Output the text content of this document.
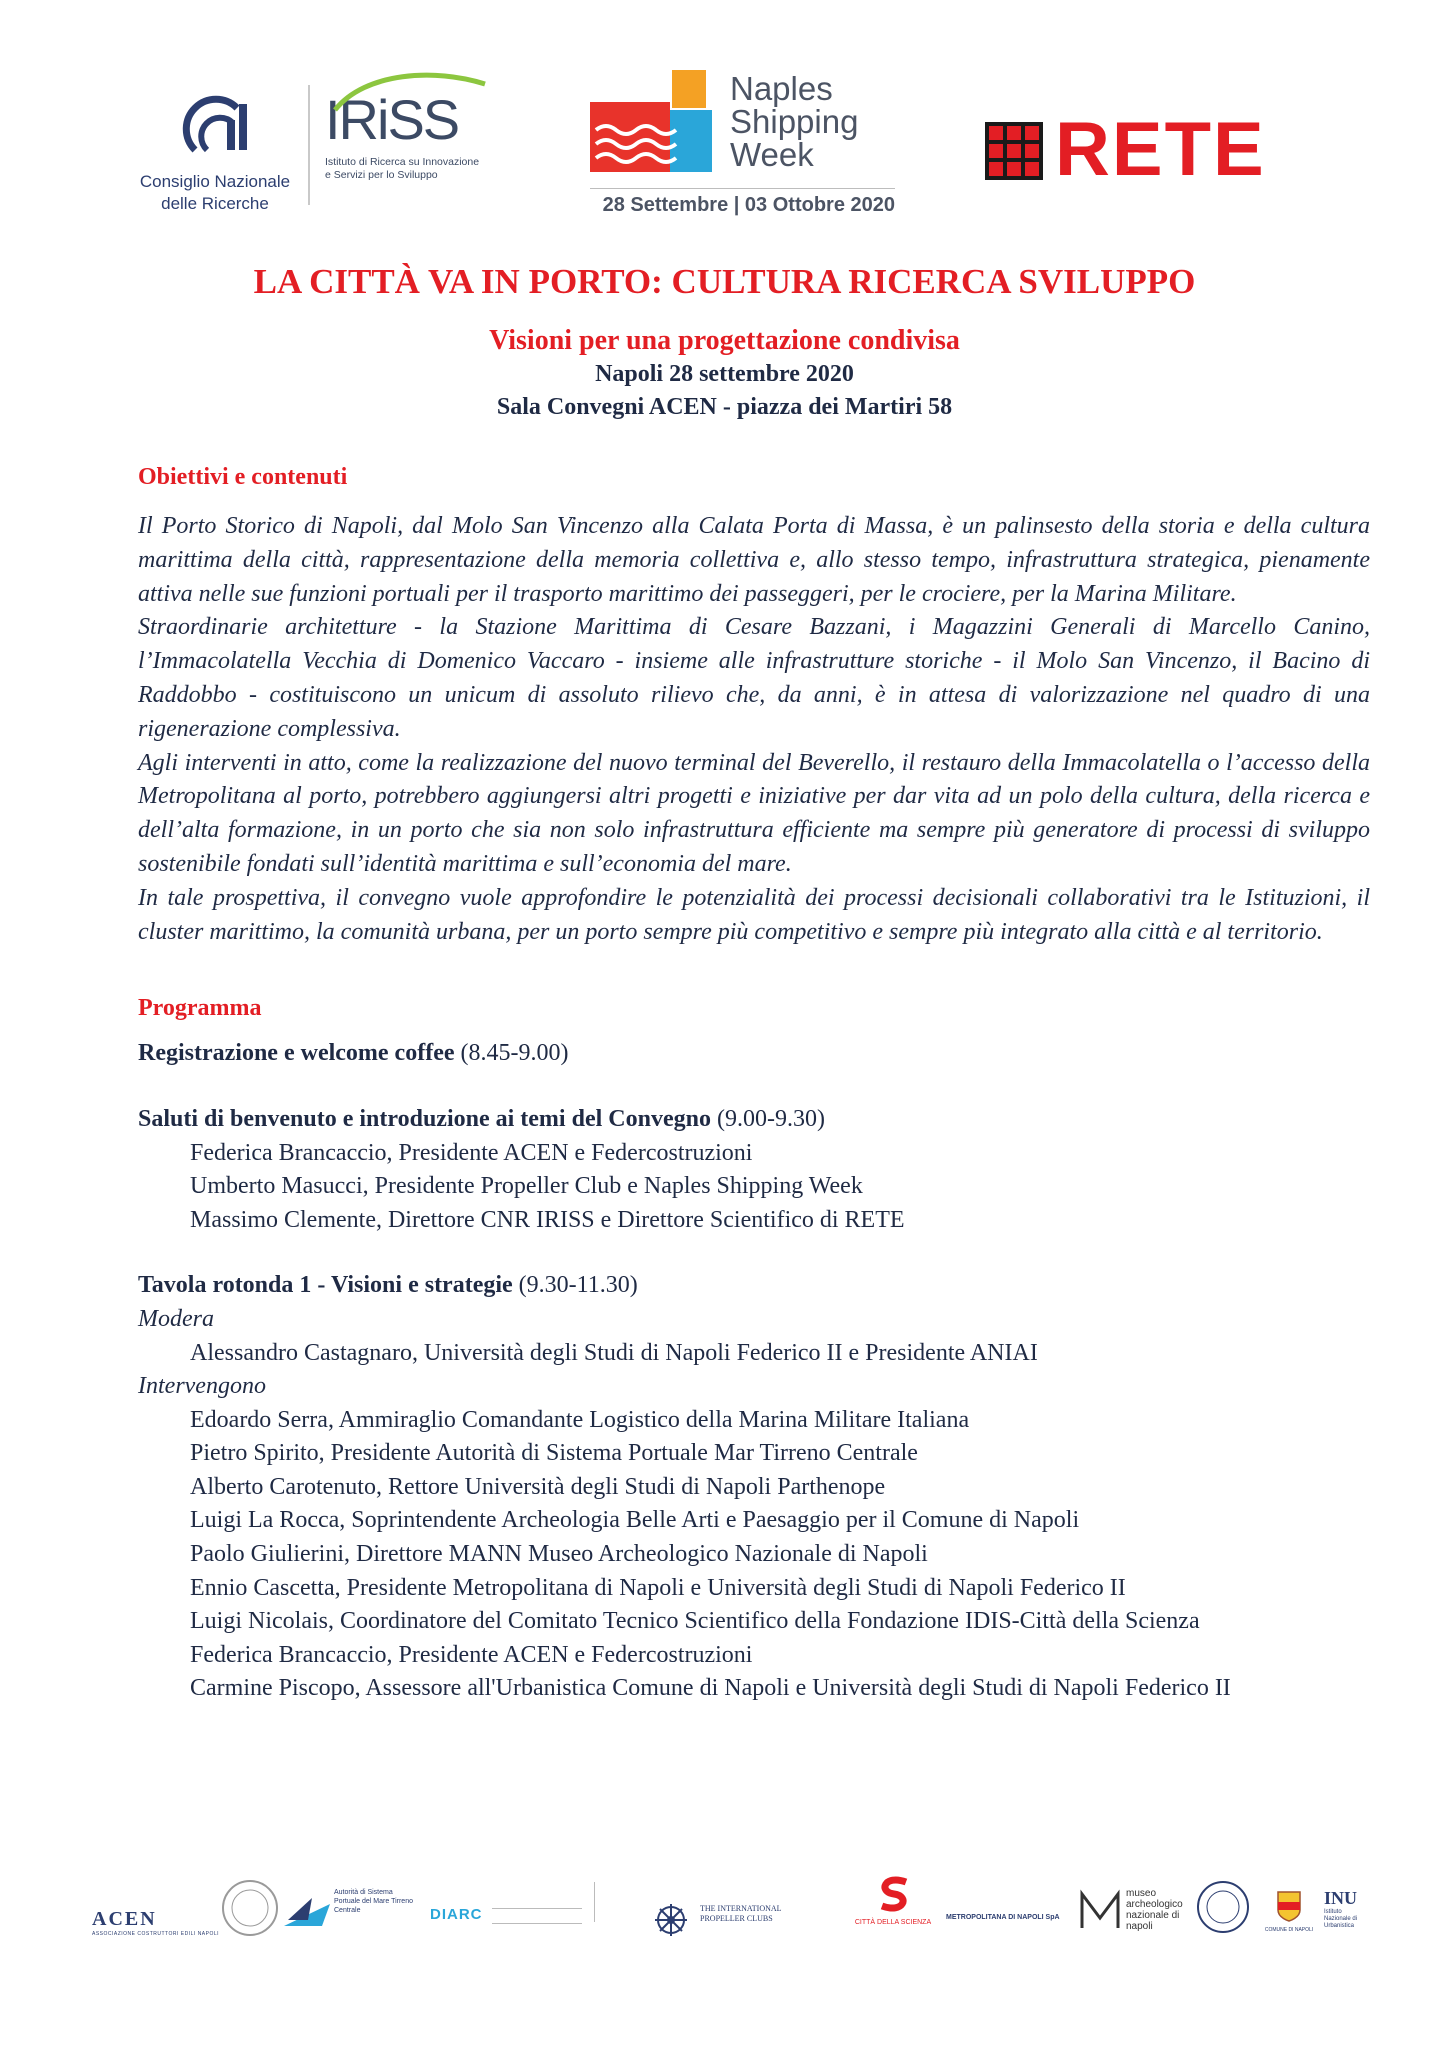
Consiglio Nazionale
delle Ricerche
IRiSS
Istituto di Ricerca su Innovazione
e Servizi per lo Sviluppo
Naples
Shipping
Week
28 Settembre | 03 Ottobre 2020
RETE
LA CITTÀ VA IN PORTO: CULTURA RICERCA SVILUPPO
Visioni per una progettazione condivisa
Napoli 28 settembre 2020
Sala Convegni ACEN - piazza dei Martiri 58
Obiettivi e contenuti

Il Porto Storico di Napoli, dal Molo San Vincenzo alla Calata Porta di Massa, è un palinsesto della storia e della cultura marittima della città, rappresentazione della memoria collettiva e, allo stesso tempo, infrastruttura strategica, pienamente attiva nelle sue funzioni portuali per il trasporto marittimo dei passeggeri, per le crociere, per la Marina Militare.

Straordinarie architetture - la Stazione Marittima di Cesare Bazzani, i Magazzini Generali di Marcello Canino, l’Immacolatella Vecchia di Domenico Vaccaro - insieme alle infrastrutture storiche - il Molo San Vincenzo, il Bacino di Raddobbo - costituiscono un unicum di assoluto rilievo che, da anni, è in attesa di valorizzazione nel quadro di una rigenerazione complessiva.

Agli interventi in atto, come la realizzazione del nuovo terminal del Beverello, il restauro della Immacolatella o l’accesso della Metropolitana al porto, potrebbero aggiungersi altri progetti e iniziative per dar vita ad un polo della cultura, della ricerca e dell’alta formazione, in un porto che sia non solo infrastruttura efficiente ma sempre più generatore di processi di sviluppo sostenibile fondati sull’identità marittima e sull’economia del mare.

In tale prospettiva, il convegno vuole approfondire le potenzialità dei processi decisionali collaborativi tra le Istituzioni, il cluster marittimo, la comunità urbana, per un porto sempre più competitivo e sempre più integrato alla città e al territorio.

Programma
Registrazione e welcome coffee (8.45-9.00)
Saluti di benvenuto e introduzione ai temi del Convegno (9.00-9.30)
Federica Brancaccio, Presidente ACEN e Federcostruzioni
Umberto Masucci, Presidente Propeller Club e Naples Shipping Week
Massimo Clemente, Direttore CNR IRISS e Direttore Scientifico di RETE
Tavola rotonda 1 - Visioni e strategie (9.30-11.30)
Modera
Alessandro Castagnaro, Università degli Studi di Napoli Federico II e Presidente ANIAI
Intervengono
Edoardo Serra, Ammiraglio Comandante Logistico della Marina Militare Italiana
Pietro Spirito, Presidente Autorità di Sistema Portuale Mar Tirreno Centrale
Alberto Carotenuto, Rettore Università degli Studi di Napoli Parthenope
Luigi La Rocca, Soprintendente Archeologia Belle Arti e Paesaggio per il Comune di Napoli
Paolo Giulierini, Direttore MANN Museo Archeologico Nazionale di Napoli
Ennio Cascetta, Presidente Metropolitana di Napoli e Università degli Studi di Napoli Federico II
Luigi Nicolais, Coordinatore del Comitato Tecnico Scientifico della Fondazione IDIS-Città della Scienza
Federica Brancaccio, Presidente ACEN e Federcostruzioni
Carmine Piscopo, Assessore all'Urbanistica Comune di Napoli e Università degli Studi di Napoli Federico II
ACEN
ASSOCIAZIONE COSTRUTTORI EDILI NAPOLI
Autorità di Sistema Portuale del Mare Tirreno Centrale	DIARC	THE INTERNATIONAL PROPELLER CLUBS	CITTÀ DELLA SCIENZA
METROPOLITANA DI NAPOLI SpA
museo archeologico nazionale di napoli	COMUNE DI NAPOLI
INU
Istituto Nazionale di Urbanistica
